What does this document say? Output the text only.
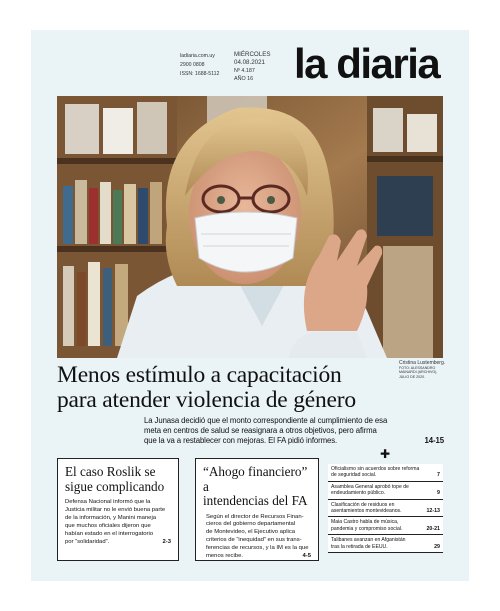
ladiaria.com.uy
2900 0808
ISSN: 1688-5112
MIÉRCOLES
04.08.2021
Nº 4.187
AÑO 16 la diaria
Cristina Lustemberg.
FOTO: ALESSANDRO
MAINARDI (ARCHIVO),
JULIO DE 2020.
Menos estímulo a capacitación
para atender violencia de género
La Junasa decidió que el monto correspondiente al cumplimiento de esa
meta en centros de salud se reasignara a otros objetivos, pero afirma
que la va a restablecer con mejoras. El FA pidió informes.	14-15
El caso Roslik se
sigue complicando
Defensa Nacional informó que la
Justicia militar no le envió buena parte
de la información, y Manini maneja
que muchos oficiales dijeron que
habían estado en el interrogatorio
por “solidaridad”.	2-3
“Ahogo financiero” a
intendencias del FA
Según el director de Recursos Finan-
cieros del gobierno departamental
de Montevideo, el Ejecutivo aplica
criterios de “inequidad” en sus trans-
ferencias de recursos, y la IM es la que
menos recibe.	4-5
✚
Oficialismo sin acuerdos sobre reforma
de seguridad social.	7
Asamblea General aprobó tope de
endeudamiento público.	9
Clasificación de residuos en
asentamientos montevideanos.	12-13
Maia Castro habla de música,
pandemia y compromiso social.	20-21
Talibanes avanzan en Afganistán
tras la retirada de EEUU.	29
